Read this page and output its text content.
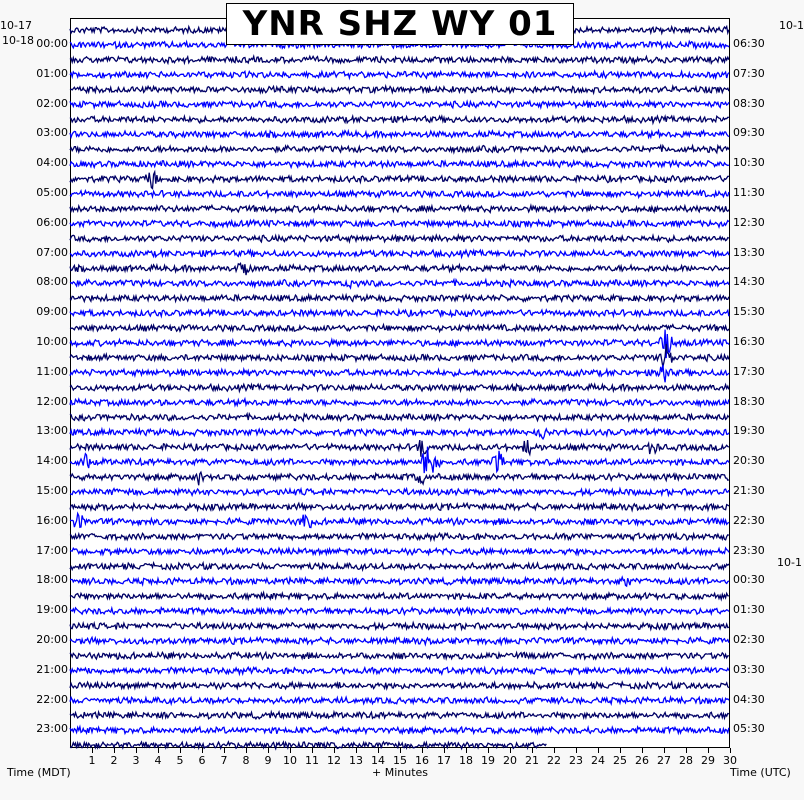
YNR SHZ WY 01
10-17
10-18
10-1
10-1
00:00
01:00
02:00
03:00
04:00
05:00
06:00
07:00
08:00
09:00
10:00
11:00
12:00
13:00
14:00
15:00
16:00
17:00
18:00
19:00
20:00
21:00
22:00
23:00
06:30
07:30
08:30
09:30
10:30
11:30
12:30
13:30
14:30
15:30
16:30
17:30
18:30
19:30
20:30
21:30
22:30
23:30
00:30
01:30
02:30
03:30
04:30
05:30
1 2 3 4 5 6 7 8 9 10 11 12 13 14 15 16 17 18 19 20 21 22 23 24 25 26 27 28 29 30
Time (MDT)	+ Minutes	Time (UTC)
